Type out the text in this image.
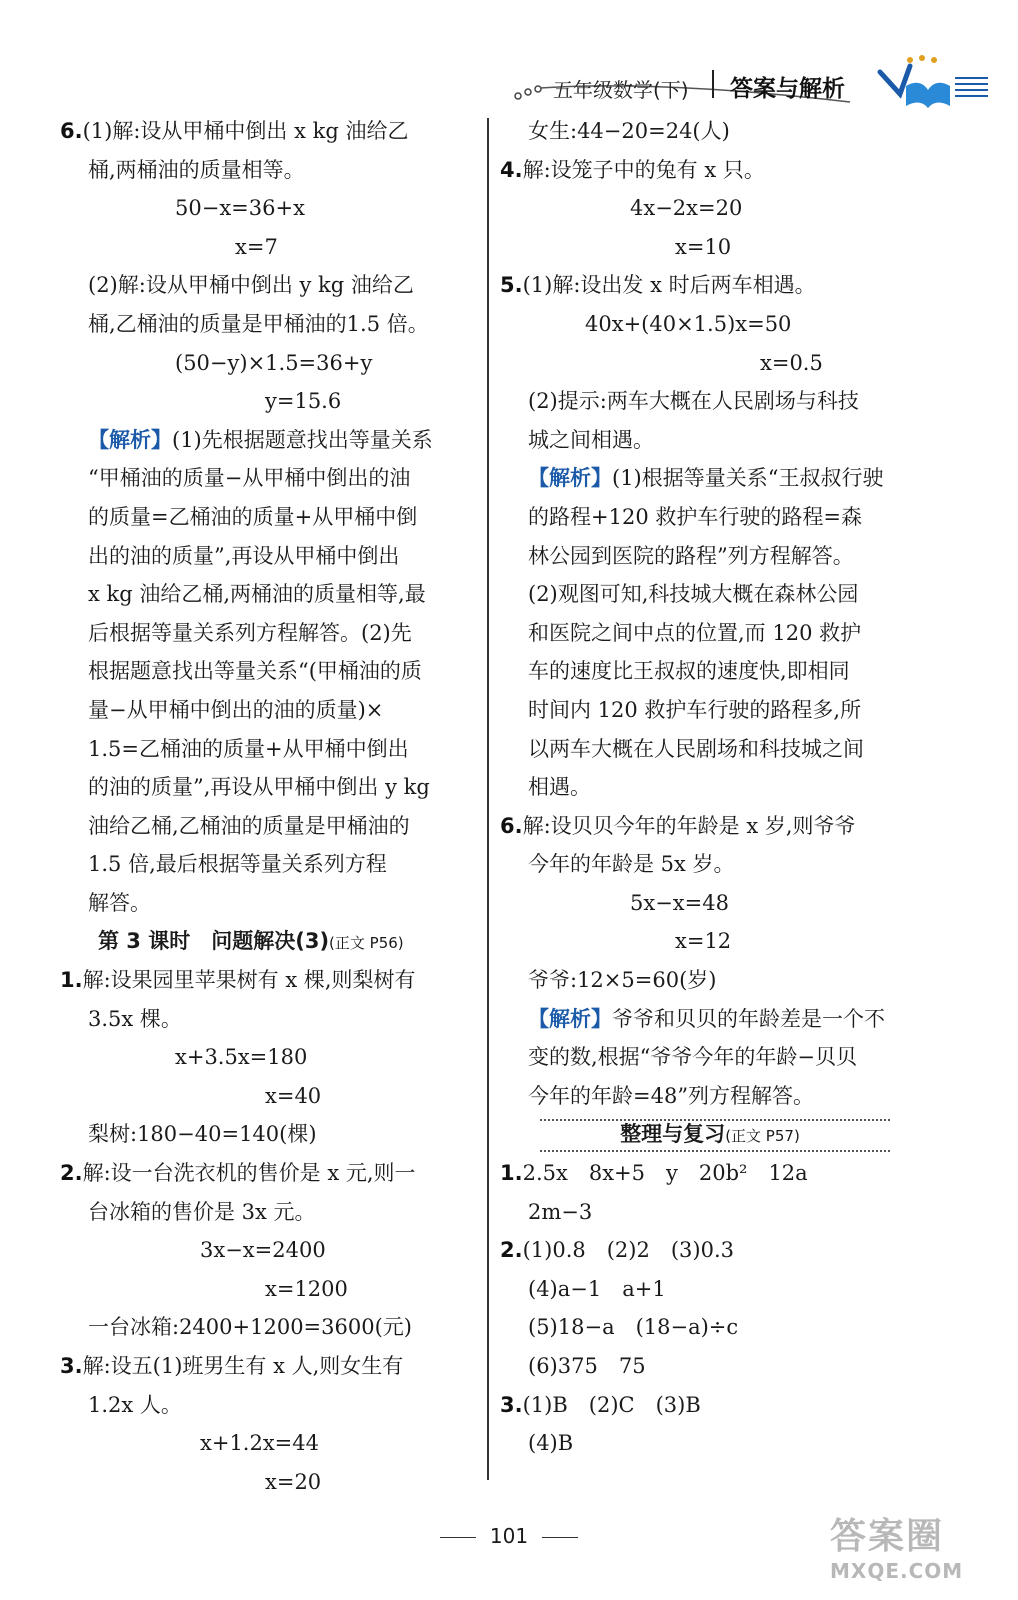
五年级数学(下) 答案与解析
6.(1)解:设从甲桶中倒出 x kg 油给乙
桶,两桶油的质量相等。
50−x=36+x
x=7
(2)解:设从甲桶中倒出 y kg 油给乙
桶,乙桶油的质量是甲桶油的1.5 倍。
(50−y)×1.5=36+y
y=15.6
【解析】(1)先根据题意找出等量关系
“甲桶油的质量−从甲桶中倒出的油
的质量=乙桶油的质量+从甲桶中倒
出的油的质量”,再设从甲桶中倒出
x kg 油给乙桶,两桶油的质量相等,最
后根据等量关系列方程解答。(2)先
根据题意找出等量关系“(甲桶油的质
量−从甲桶中倒出的油的质量)×
1.5=乙桶油的质量+从甲桶中倒出
的油的质量”,再设从甲桶中倒出 y kg
油给乙桶,乙桶油的质量是甲桶油的
1.5 倍,最后根据等量关系列方程
解答。
第 3 课时　问题解决(3)(正文 P56)
1.解:设果园里苹果树有 x 棵,则梨树有
3.5x 棵。
x+3.5x=180
x=40
梨树:180−40=140(棵)
2.解:设一台洗衣机的售价是 x 元,则一
台冰箱的售价是 3x 元。
3x−x=2400
x=1200
一台冰箱:2400+1200=3600(元)
3.解:设五(1)班男生有 x 人,则女生有
1.2x 人。
x+1.2x=44
x=20
女生:44−20=24(人)
4.解:设笼子中的兔有 x 只。
4x−2x=20
x=10
5.(1)解:设出发 x 时后两车相遇。
40x+(40×1.5)x=50
x=0.5
(2)提示:两车大概在人民剧场与科技
城之间相遇。
【解析】(1)根据等量关系“王叔叔行驶
的路程+120 救护车行驶的路程=森
林公园到医院的路程”列方程解答。
(2)观图可知,科技城大概在森林公园
和医院之间中点的位置,而 120 救护
车的速度比王叔叔的速度快,即相同
时间内 120 救护车行驶的路程多,所
以两车大概在人民剧场和科技城之间
相遇。
6.解:设贝贝今年的年龄是 x 岁,则爷爷
今年的年龄是 5x 岁。
5x−x=48
x=12
爷爷:12×5=60(岁)
【解析】爷爷和贝贝的年龄差是一个不
变的数,根据“爷爷今年的年龄−贝贝
今年的年龄=48”列方程解答。
整理与复习(正文 P57)
1.2.5x　8x+5　y　20b²　12a
2m−3
2.(1)0.8　(2)2　(3)0.3
(4)a−1　a+1
(5)18−a　(18−a)÷c
(6)375　75
3.(1)B　(2)C　(3)B
(4)B
101	答案圈
MXQE.COM
